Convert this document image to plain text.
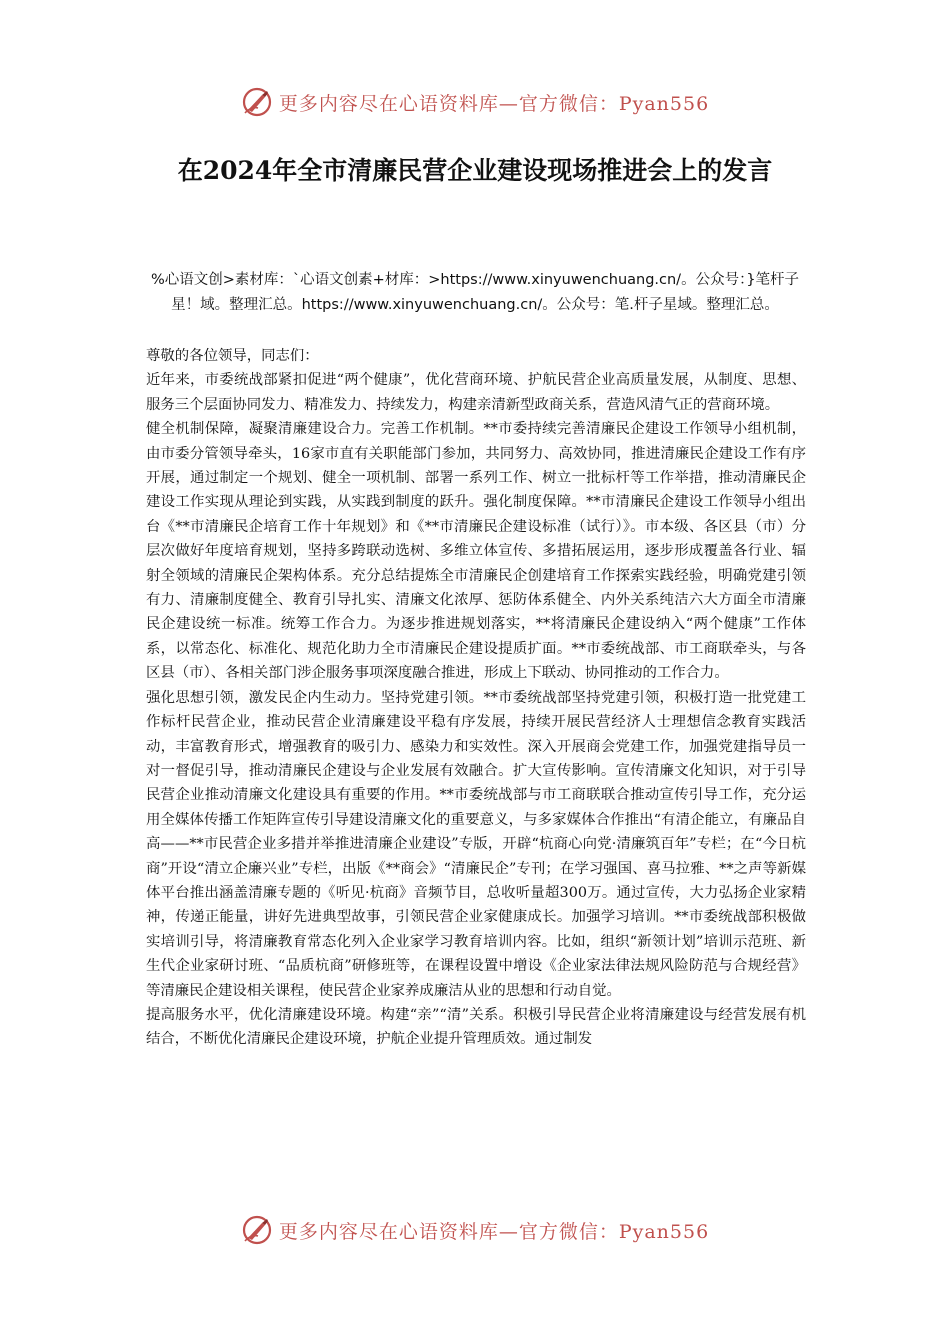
更多内容尽在心语资料库—官方微信：Pyan556
在2024年全市清廉民营企业建设现场推进会上的发言
%心语文创>素材库：`心语文创素+材库：>https://www.xinyuwenchuang.cn/。公众号：}笔杆子星！域。整理汇总。https://www.xinyuwenchuang.cn/。公众号：笔.杆子星域。整理汇总。

尊敬的各位领导，同志们：

近年来，市委统战部紧扣促进“两个健康”，优化营商环境、护航民营企业高质量发展，从制度、思想、服务三个层面协同发力、精准发力、持续发力，构建亲清新型政商关系，营造风清气正的营商环境。

健全机制保障，凝聚清廉建设合力。完善工作机制。**市委持续完善清廉民企建设工作领导小组机制，由市委分管领导牵头，16家市直有关职能部门参加，共同努力、高效协同，推进清廉民企建设工作有序开展，通过制定一个规划、健全一项机制、部署一系列工作、树立一批标杆等工作举措，推动清廉民企建设工作实现从理论到实践，从实践到制度的跃升。强化制度保障。**市清廉民企建设工作领导小组出台《**市清廉民企培育工作十年规划》和《**市清廉民企建设标准（试行）》。市本级、各区县（市）分层次做好年度培育规划，坚持多跨联动选树、多维立体宣传、多措拓展运用，逐步形成覆盖各行业、辐射全领域的清廉民企架构体系。充分总结提炼全市清廉民企创建培育工作探索实践经验，明确党建引领有力、清廉制度健全、教育引导扎实、清廉文化浓厚、惩防体系健全、内外关系纯洁六大方面全市清廉民企建设统一标准。统筹工作合力。为逐步推进规划落实，**将清廉民企建设纳入“两个健康”工作体系，以常态化、标准化、规范化助力全市清廉民企建设提质扩面。**市委统战部、市工商联牵头，与各区县（市）、各相关部门涉企服务事项深度融合推进，形成上下联动、协同推动的工作合力。

强化思想引领，激发民企内生动力。坚持党建引领。**市委统战部坚持党建引领，积极打造一批党建工作标杆民营企业，推动民营企业清廉建设平稳有序发展，持续开展民营经济人士理想信念教育实践活动，丰富教育形式，增强教育的吸引力、感染力和实效性。深入开展商会党建工作，加强党建指导员一对一督促引导，推动清廉民企建设与企业发展有效融合。扩大宣传影响。宣传清廉文化知识，对于引导民营企业推动清廉文化建设具有重要的作用。**市委统战部与市工商联联合推动宣传引导工作，充分运用全媒体传播工作矩阵宣传引导建设清廉文化的重要意义，与多家媒体合作推出“有清企能立，有廉品自高——**市民营企业多措并举推进清廉企业建设”专版，开辟“杭商心向党·清廉筑百年”专栏；在“今日杭商”开设“清立企廉兴业”专栏，出版《**商会》“清廉民企”专刊；在学习强国、喜马拉雅、**之声等新媒体平台推出涵盖清廉专题的《听见·杭商》音频节目，总收听量超300万。通过宣传，大力弘扬企业家精神，传递正能量，讲好先进典型故事，引领民营企业家健康成长。加强学习培训。**市委统战部积极做实培训引导，将清廉教育常态化列入企业家学习教育培训内容。比如，组织“新领计划”培训示范班、新生代企业家研讨班、“品质杭商”研修班等，在课程设置中增设《企业家法律法规风险防范与合规经营》等清廉民企建设相关课程，使民营企业家养成廉洁从业的思想和行动自觉。

提高服务水平，优化清廉建设环境。构建“亲”“清”关系。积极引导民营企业将清廉建设与经营发展有机结合，不断优化清廉民企建设环境，护航企业提升管理质效。通过制发

更多内容尽在心语资料库—官方微信：Pyan556
